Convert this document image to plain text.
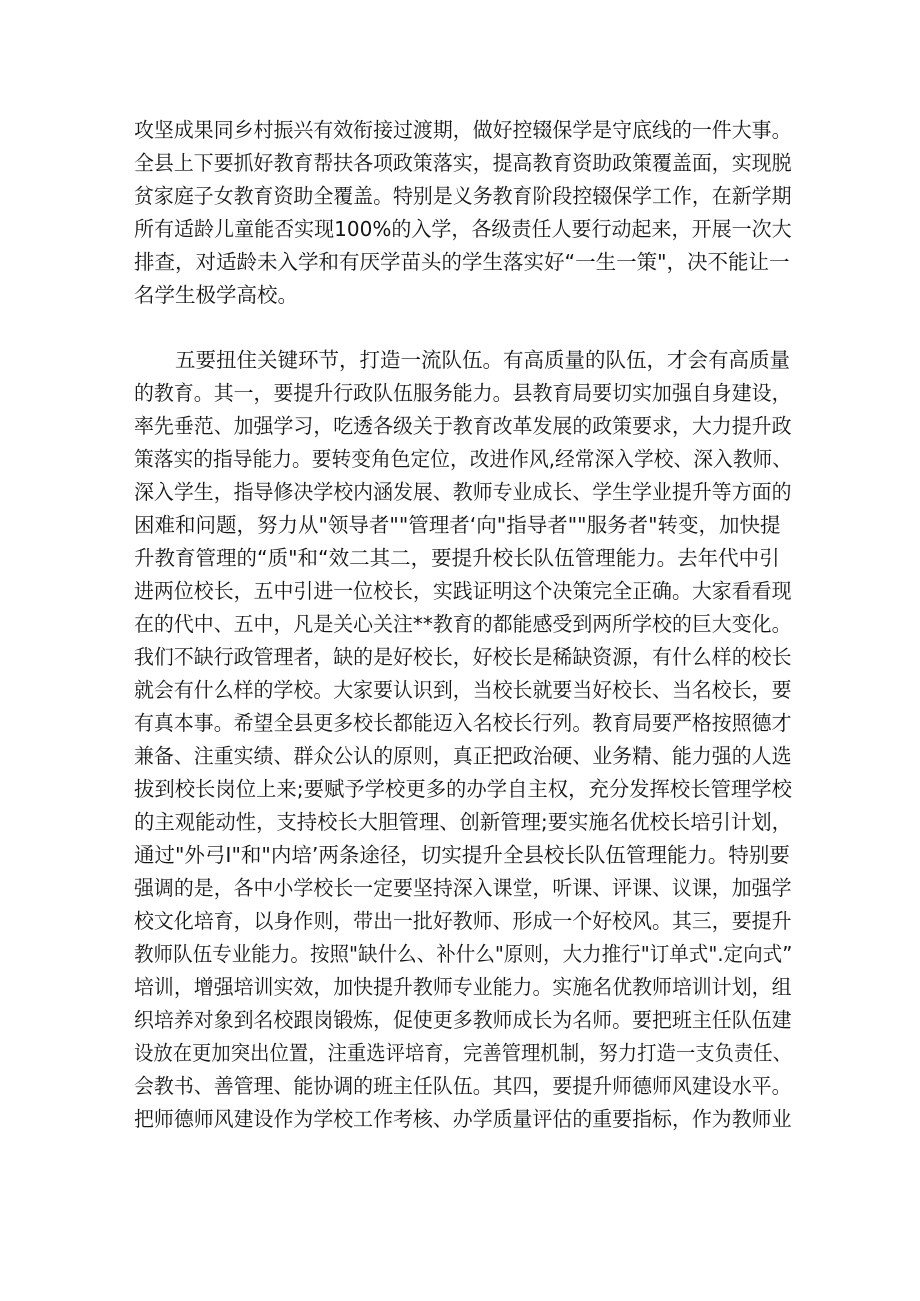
攻坚成果同乡村振兴有效衔接过渡期，做好控辍保学是守底线的一件大事。
全县上下要抓好教育帮扶各项政策落实，提高教育资助政策覆盖面，实现脱
贫家庭子女教育资助全覆盖。特别是义务教育阶段控辍保学工作，在新学期
所有适龄儿童能否实现100%的入学，各级责任人要行动起来，开展一次大
排查，对适龄未入学和有厌学苗头的学生落实好“一生一策"，决不能让一
名学生极学高校。
五要扭住关键环节，打造一流队伍。有高质量的队伍，才会有高质量
的教育。其一，要提升行政队伍服务能力。县教育局要切实加强自身建设，
率先垂范、加强学习，吃透各级关于教育改革发展的政策要求，大力提升政
策落实的指导能力。要转变角色定位，改进作风,经常深入学校、深入教师、
深入学生，指导修决学校内涵发展、教师专业成长、学生学业提升等方面的
困难和问题，努力从"领导者""管理者‘向"指导者""服务者"转变，加快提
升教育管理的“质"和“效二其二，要提升校长队伍管理能力。去年代中引
进两位校长，五中引进一位校长，实践证明这个决策完全正确。大家看看现
在的代中、五中，凡是关心关注**教育的都能感受到两所学校的巨大变化。
我们不缺行政管理者，缺的是好校长，好校长是稀缺资源，有什么样的校长
就会有什么样的学校。大家要认识到，当校长就要当好校长、当名校长，要
有真本事。希望全县更多校长都能迈入名校长行列。教育局要严格按照德才
兼备、注重实绩、群众公认的原则，真正把政治硬、业务精、能力强的人选
拔到校长岗位上来;要赋予学校更多的办学自主权，充分发挥校长管理学校
的主观能动性，支持校长大胆管理、创新管理;要实施名优校长培引计划，
通过"外弓I"和"内培’两条途径，切实提升全县校长队伍管理能力。特别要
强调的是，各中小学校长一定要坚持深入课堂，听课、评课、议课，加强学
校文化培育，以身作则，带出一批好教师、形成一个好校风。其三，要提升
教师队伍专业能力。按照"缺什么、补什么"原则，大力推行"订单式".定向式”
培训，增强培训实效，加快提升教师专业能力。实施名优教师培训计划，组
织培养对象到名校跟岗锻炼，促使更多教师成长为名师。要把班主任队伍建
设放在更加突出位置，注重选评培育，完善管理机制，努力打造一支负责任、
会教书、善管理、能协调的班主任队伍。其四，要提升师德师风建设水平。
把师德师风建设作为学校工作考核、办学质量评估的重要指标，作为教师业
